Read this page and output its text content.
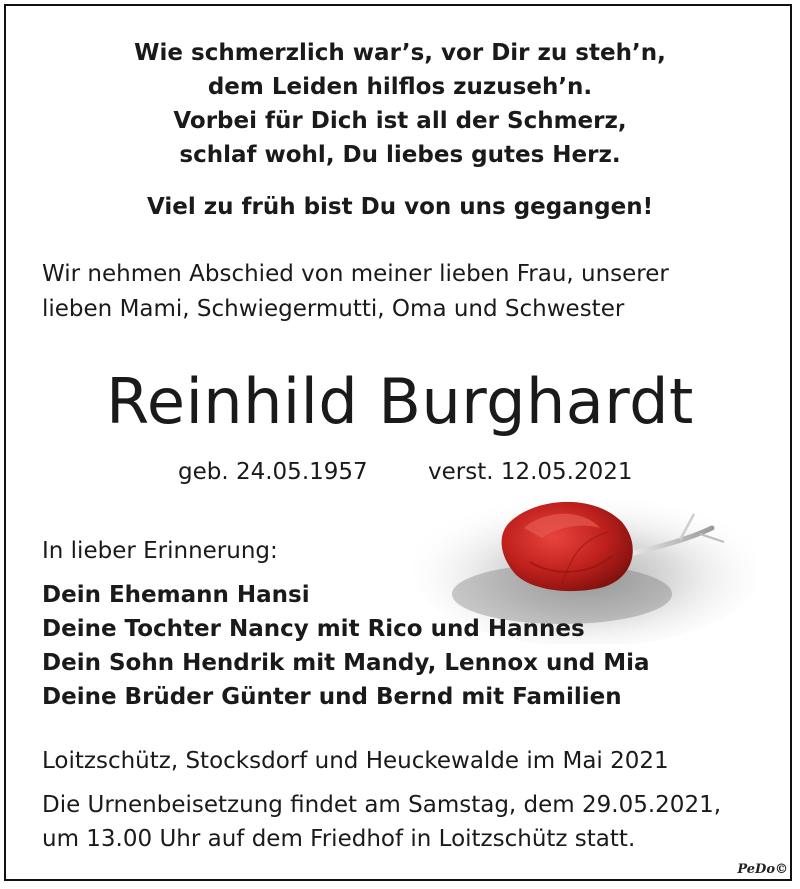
Wie schmerzlich war’s, vor Dir zu steh’n,
dem Leiden hilflos zuzuseh’n.
Vorbei für Dich ist all der Schmerz,
schlaf wohl, Du liebes gutes Herz.
Viel zu früh bist Du von uns gegangen!
Wir nehmen Abschied von meiner lieben Frau, unserer
lieben Mami, Schwiegermutti, Oma und Schwester
Reinhild Burghardt
geb. 24.05.1957	verst. 12.05.2021
In lieber Erinnerung:
Dein Ehemann Hansi
Deine Tochter Nancy mit Rico und Hannes
Dein Sohn Hendrik mit Mandy, Lennox und Mia
Deine Brüder Günter und Bernd mit Familien
Loitzschütz, Stocksdorf und Heuckewalde im Mai 2021
Die Urnenbeisetzung findet am Samstag, dem 29.05.2021,
um 13.00 Uhr auf dem Friedhof in Loitzschütz statt.
PeDo©
